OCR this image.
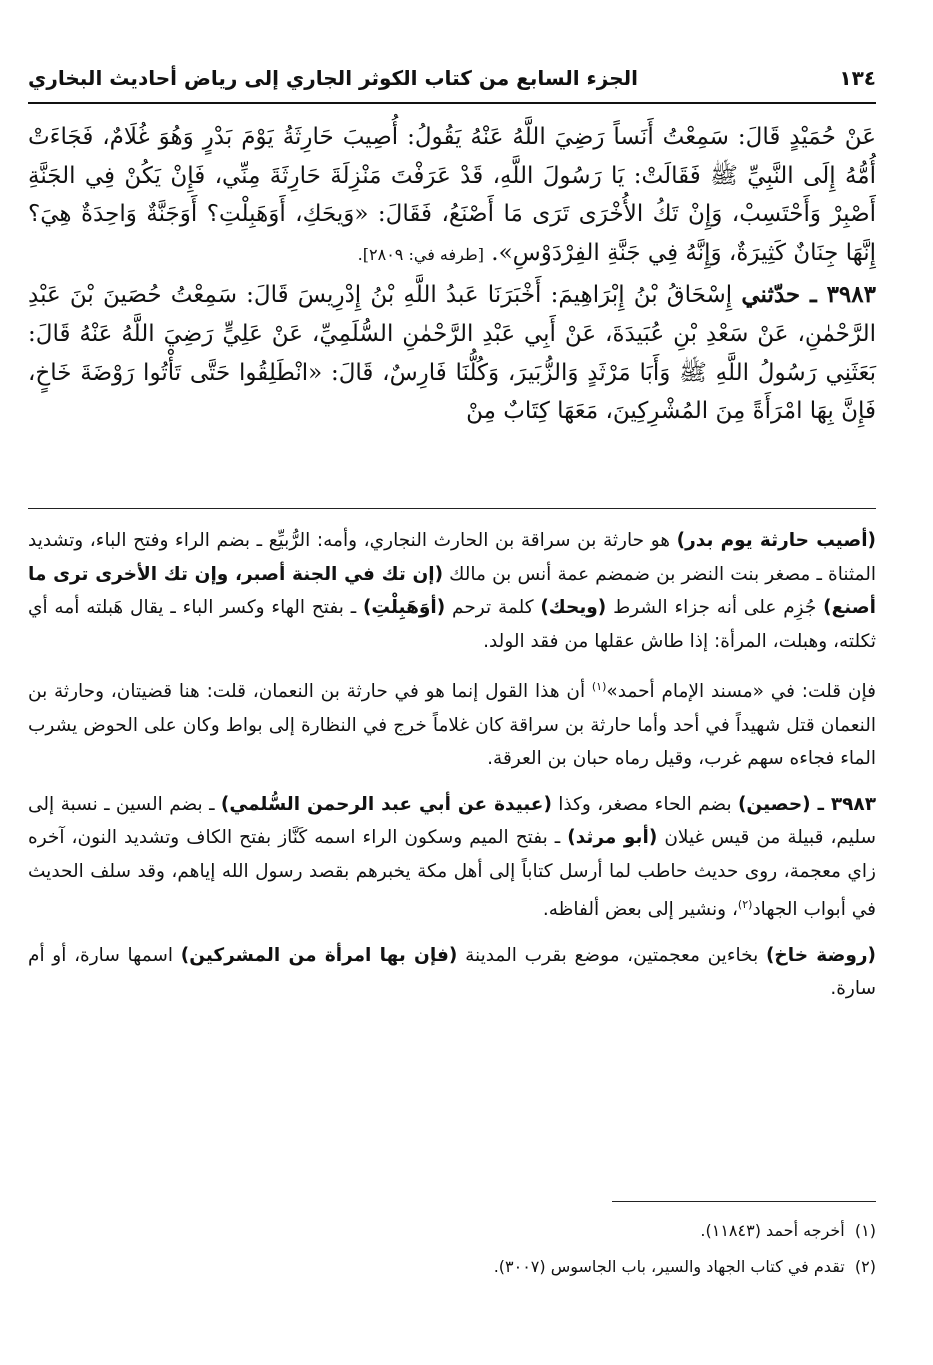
١٣٤
الجزء السابع من كتاب الكوثر الجاري إلى رياض أحاديث البخاري

عَنْ حُمَيْدٍ قَالَ: سَمِعْتُ أَنَساً رَضِيَ اللَّهُ عَنْهُ يَقُولُ: أُصِيبَ حَارِثَةُ يَوْمَ بَدْرٍ وَهُوَ غُلَامٌ، فَجَاءَتْ أُمُّهُ إِلَى النَّبِيِّ ﷺ فَقَالَتْ: يَا رَسُولَ اللَّهِ، قَدْ عَرَفْتَ مَنْزِلَةَ حَارِثَةَ مِنِّي، فَإِنْ يَكُنْ فِي الجَنَّةِ أَصْبِرْ وَأَحْتَسِبْ، وَإِنْ تَكُ الأُخْرَى تَرَى مَا أَصْنَعُ، فَقَالَ: «وَيحَكِ، أَوَهَبِلْتِ؟ أَوَجَنَّةٌ وَاحِدَةٌ هِيَ؟ إِنَّهَا جِنَانٌ كَثِيرَةٌ، وَإِنَّهُ فِي جَنَّةِ الفِرْدَوْسِ». [طرفه في: ٢٨٠٩].

٣٩٨٣ ـ حدّثني إِسْحَاقُ بْنُ إِبْرَاهِيمَ: أَخْبَرَنَا عَبدُ اللَّهِ بْنُ إِدْرِيسَ قَالَ: سَمِعْتُ حُصَينَ بْنَ عَبْدِ الرَّحْمٰنِ، عَنْ سَعْدِ بْنِ عُبَيدَةَ، عَنْ أَبِي عَبْدِ الرَّحْمٰنِ السُّلَمِيِّ، عَنْ عَلِيٍّ رَضِيَ اللَّهُ عَنْهُ قَالَ: بَعَثَنِي رَسُولُ اللَّهِ ﷺ وَأَبَا مَرْثَدٍ وَالزُّبَيرَ، وَكُلُّنَا فَارِسٌ، قَالَ: «انْطَلِقُوا حَتَّى تَأْتُوا رَوْضَةَ خَاخٍ، فَإِنَّ بِهَا امْرَأَةً مِنَ المُشْرِكِينَ، مَعَهَا كِتَابٌ مِنْ

(أصيب حارثة يوم بدر) هو حارثة بن سراقة بن الحارث النجاري، وأمه: الرُّبيِّع ـ بضم الراء وفتح الباء، وتشديد المثناة ـ مصغر بنت النضر بن ضمضم عمة أنس بن مالك (إن تك في الجنة أصبر، وإن تك الأخرى ترى ما أصنع) جُزِم على أنه جزاء الشرط (ويحك) كلمة ترحم (أوَهَبِلْتِ) ـ بفتح الهاء وكسر الباء ـ يقال هَبلته أمه أي ثكلته، وهبلت، المرأة: إذا طاش عقلها من فقد الولد.

فإن قلت: في «مسند الإمام أحمد»$^{(١)}$ أن هذا القول إنما هو في حارثة بن النعمان، قلت: هنا قضيتان، وحارثة بن النعمان قتل شهيداً في أحد وأما حارثة بن سراقة كان غلاماً خرج في النظارة إلى بواط وكان على الحوض يشرب الماء فجاءه سهم غرب، وقيل رماه حبان بن العرقة.

٣٩٨٣ ـ (حصين) بضم الحاء مصغر، وكذا (عبيدة عن أبي عبد الرحمن السُّلمي) ـ بضم السين ـ نسبة إلى سليم، قبيلة من قيس غيلان (أبو مرثد) ـ بفتح الميم وسكون الراء اسمه كَنَّاز بفتح الكاف وتشديد النون، آخره زاي معجمة، روى حديث حاطب لما أرسل كتاباً إلى أهل مكة يخبرهم بقصد رسول الله إياهم، وقد سلف الحديث في أبواب الجهاد$^{(٢)}$، ونشير إلى بعض ألفاظه.

(روضة خاخ) بخاءين معجمتين، موضع بقرب المدينة (فإن بها امرأة من المشركين) اسمها سارة، أو أم سارة.

(١)  أخرجه أحمد (١١٨٤٣).

(٢)  تقدم في كتاب الجهاد والسير، باب الجاسوس (٣٠٠٧).
